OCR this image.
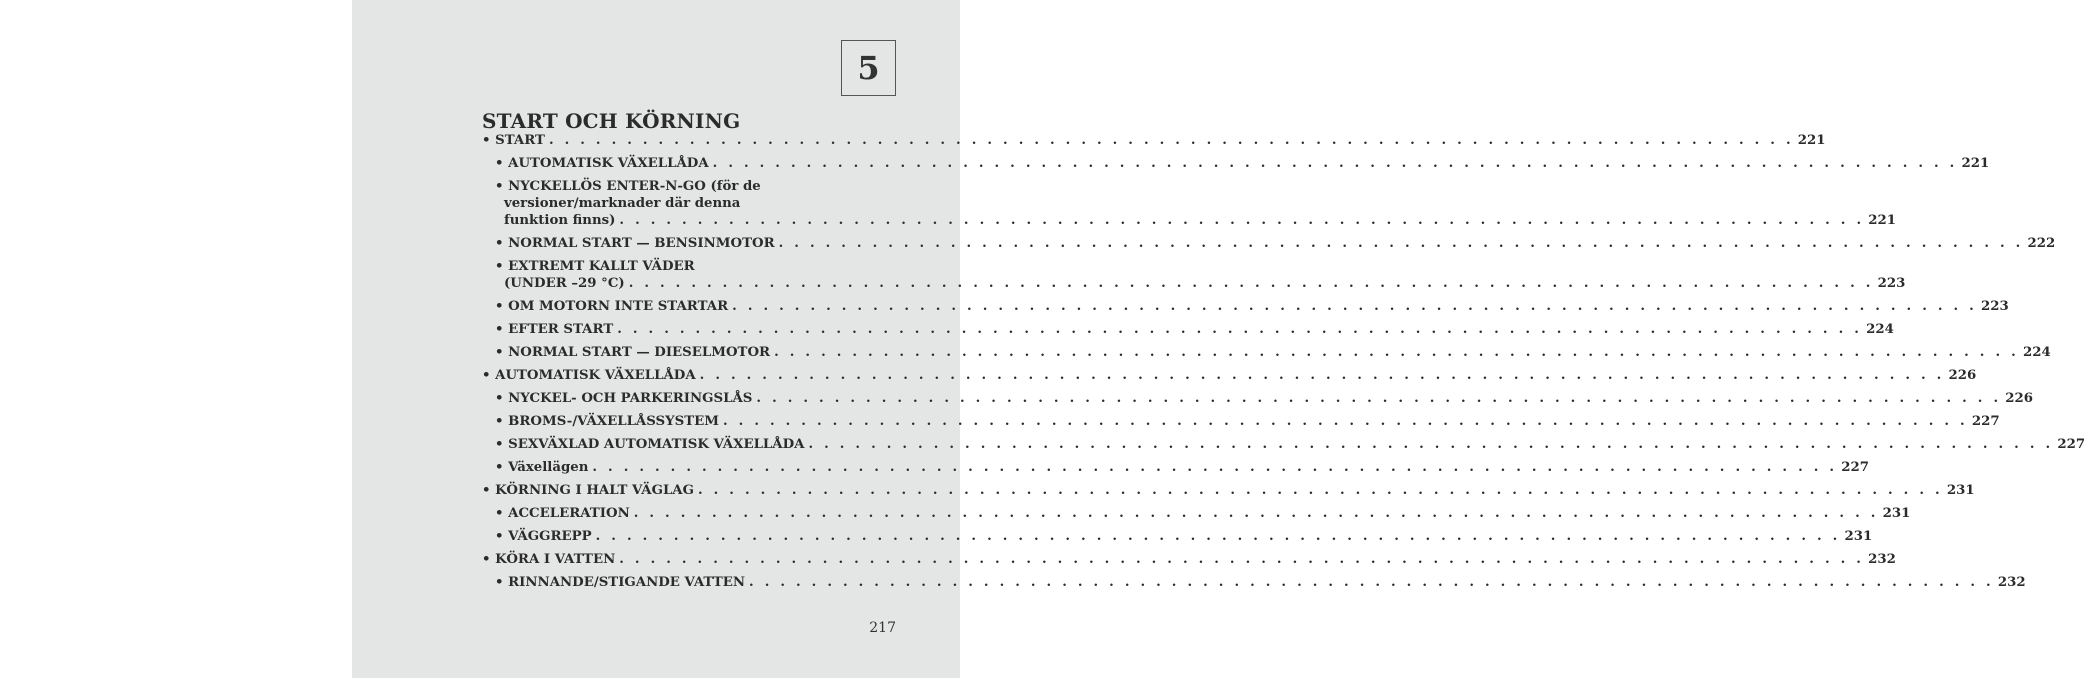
5
START OCH KÖRNING
• START . . . . . . . . . . . . . . . . . . . . . . . . . . . . . . . . . . . . . . . . . . . . . . . . . . . . . . . . . . . . . . . . . . . . . . . . . . . . . . . . 221
• AUTOMATISK VÄXELLÅDA . . . . . . . . . . . . . . . . . . . . . . . . . . . . . . . . . . . . . . . . . . . . . . . . . . . . . . . . . . . . . . . . . . . . . . . . . . . . . . . . 221
• NYCKELLÖS ENTER-N-GO (för de
versioner/marknader där denna
funktion finns) . . . . . . . . . . . . . . . . . . . . . . . . . . . . . . . . . . . . . . . . . . . . . . . . . . . . . . . . . . . . . . . . . . . . . . . . . . . . . . . . 221
• NORMAL START — BENSINMOTOR . . . . . . . . . . . . . . . . . . . . . . . . . . . . . . . . . . . . . . . . . . . . . . . . . . . . . . . . . . . . . . . . . . . . . . . . . . . . . . . . 222
• EXTREMT KALLT VÄDER
(UNDER –29 °C) . . . . . . . . . . . . . . . . . . . . . . . . . . . . . . . . . . . . . . . . . . . . . . . . . . . . . . . . . . . . . . . . . . . . . . . . . . . . . . . . 223
• OM MOTORN INTE STARTAR . . . . . . . . . . . . . . . . . . . . . . . . . . . . . . . . . . . . . . . . . . . . . . . . . . . . . . . . . . . . . . . . . . . . . . . . . . . . . . . . 223
• EFTER START . . . . . . . . . . . . . . . . . . . . . . . . . . . . . . . . . . . . . . . . . . . . . . . . . . . . . . . . . . . . . . . . . . . . . . . . . . . . . . . . 224
• NORMAL START — DIESELMOTOR . . . . . . . . . . . . . . . . . . . . . . . . . . . . . . . . . . . . . . . . . . . . . . . . . . . . . . . . . . . . . . . . . . . . . . . . . . . . . . . . 224
• AUTOMATISK VÄXELLÅDA . . . . . . . . . . . . . . . . . . . . . . . . . . . . . . . . . . . . . . . . . . . . . . . . . . . . . . . . . . . . . . . . . . . . . . . . . . . . . . . . 226
• NYCKEL- OCH PARKERINGSLÅS . . . . . . . . . . . . . . . . . . . . . . . . . . . . . . . . . . . . . . . . . . . . . . . . . . . . . . . . . . . . . . . . . . . . . . . . . . . . . . . . 226
• BROMS-/VÄXELLÅSSYSTEM . . . . . . . . . . . . . . . . . . . . . . . . . . . . . . . . . . . . . . . . . . . . . . . . . . . . . . . . . . . . . . . . . . . . . . . . . . . . . . . . 227
• SEXVÄXLAD AUTOMATISK VÄXELLÅDA . . . . . . . . . . . . . . . . . . . . . . . . . . . . . . . . . . . . . . . . . . . . . . . . . . . . . . . . . . . . . . . . . . . . . . . . . . . . . . . . 227
• Växellägen . . . . . . . . . . . . . . . . . . . . . . . . . . . . . . . . . . . . . . . . . . . . . . . . . . . . . . . . . . . . . . . . . . . . . . . . . . . . . . . . 227
• KÖRNING I HALT VÄGLAG . . . . . . . . . . . . . . . . . . . . . . . . . . . . . . . . . . . . . . . . . . . . . . . . . . . . . . . . . . . . . . . . . . . . . . . . . . . . . . . . 231
• ACCELERATION . . . . . . . . . . . . . . . . . . . . . . . . . . . . . . . . . . . . . . . . . . . . . . . . . . . . . . . . . . . . . . . . . . . . . . . . . . . . . . . . 231
• VÄGGREPP . . . . . . . . . . . . . . . . . . . . . . . . . . . . . . . . . . . . . . . . . . . . . . . . . . . . . . . . . . . . . . . . . . . . . . . . . . . . . . . . 231
• KÖRA I VATTEN . . . . . . . . . . . . . . . . . . . . . . . . . . . . . . . . . . . . . . . . . . . . . . . . . . . . . . . . . . . . . . . . . . . . . . . . . . . . . . . . 232
• RINNANDE/STIGANDE VATTEN . . . . . . . . . . . . . . . . . . . . . . . . . . . . . . . . . . . . . . . . . . . . . . . . . . . . . . . . . . . . . . . . . . . . . . . . . . . . . . . . 232
217
